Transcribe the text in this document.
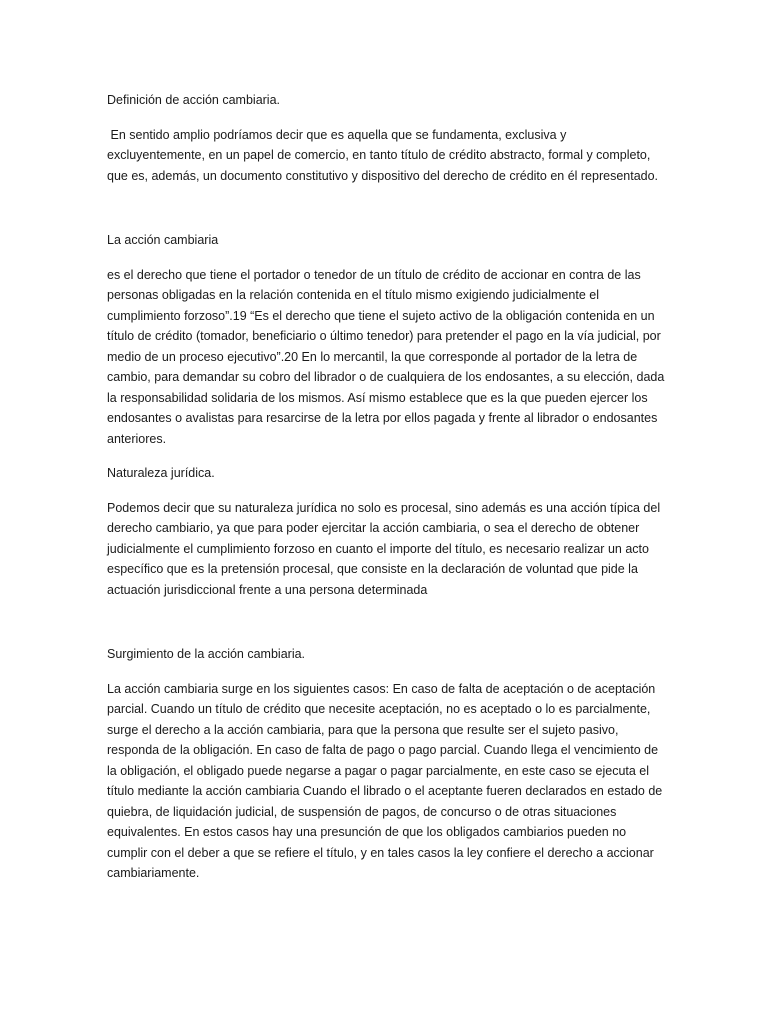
Definición de acción cambiaria.

En sentido amplio podríamos decir que es aquella que se fundamenta, exclusiva y excluyentemente, en un papel de comercio, en tanto título de crédito abstracto, formal y completo, que es, además, un documento constitutivo y dispositivo del derecho de crédito en él representado.

La acción cambiaria

es el derecho que tiene el portador o tenedor de un título de crédito de accionar en contra de las personas obligadas en la relación contenida en el título mismo exigiendo judicialmente el cumplimiento forzoso”.19 “Es el derecho que tiene el sujeto activo de la obligación contenida en un título de crédito (tomador, beneficiario o último tenedor) para pretender el pago en la vía judicial, por medio de un proceso ejecutivo”.20 En lo mercantil, la que corresponde al portador de la letra de cambio, para demandar su cobro del librador o de cualquiera de los endosantes, a su elección, dada la responsabilidad solidaria de los mismos. Así mismo establece que es la que pueden ejercer los endosantes o avalistas para resarcirse de la letra por ellos pagada y frente al librador o endosantes anteriores.

Naturaleza jurídica.

Podemos decir que su naturaleza jurídica no solo es procesal, sino además es una acción típica del derecho cambiario, ya que para poder ejercitar la acción cambiaria, o sea el derecho de obtener judicialmente el cumplimiento forzoso en cuanto el importe del título, es necesario realizar un acto específico que es la pretensión procesal, que consiste en la declaración de voluntad que pide la actuación jurisdiccional frente a una persona determinada

Surgimiento de la acción cambiaria.

La acción cambiaria surge en los siguientes casos: En caso de falta de aceptación o de aceptación parcial. Cuando un título de crédito que necesite aceptación, no es aceptado o lo es parcialmente, surge el derecho a la acción cambiaria, para que la persona que resulte ser el sujeto pasivo, responda de la obligación. En caso de falta de pago o pago parcial. Cuando llega el vencimiento de la obligación, el obligado puede negarse a pagar o pagar parcialmente, en este caso se ejecuta el título mediante la acción cambiaria Cuando el librado o el aceptante fueren declarados en estado de quiebra, de liquidación judicial, de suspensión de pagos, de concurso o de otras situaciones equivalentes. En estos casos hay una presunción de que los obligados cambiarios pueden no cumplir con el deber a que se refiere el título, y en tales casos la ley confiere el derecho a accionar cambiariamente.
